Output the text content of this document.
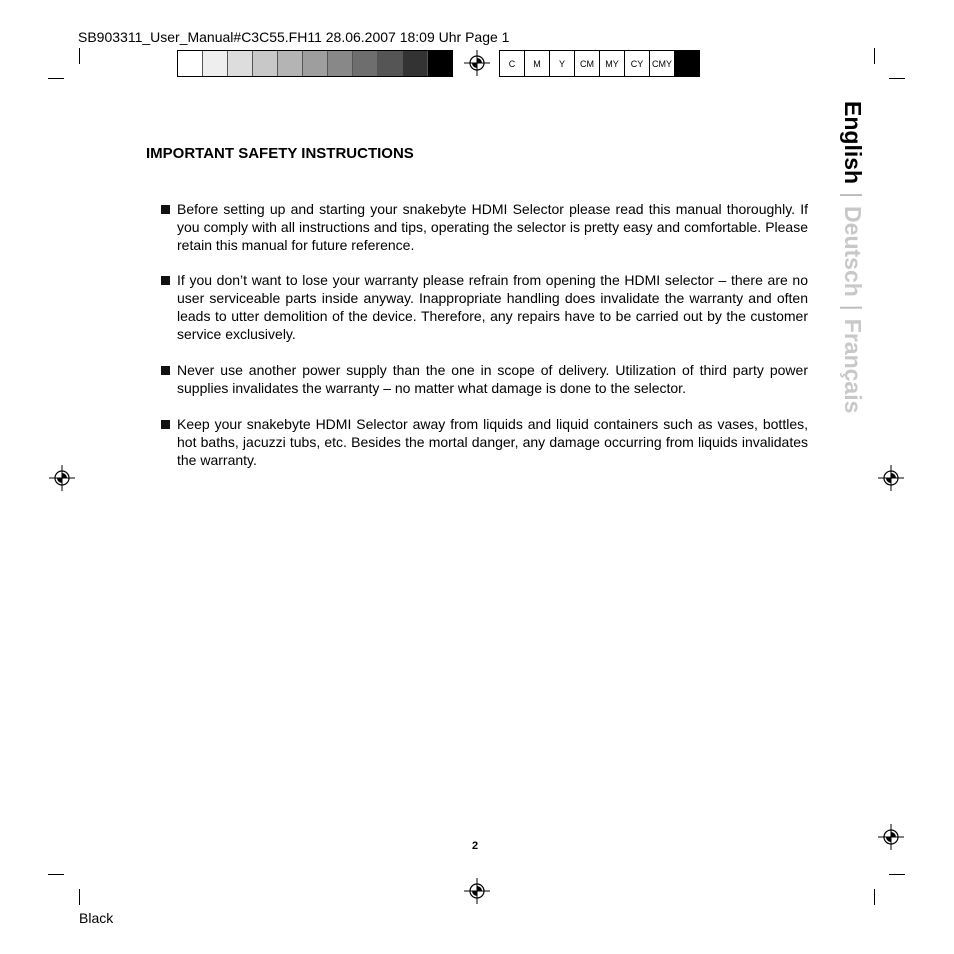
SB903311_User_Manual#C3C55.FH11 28.06.2007 18:09 Uhr Page 1
C	M	Y	CM	MY	CY CMY
IMPORTANT SAFETY INSTRUCTIONS
Before setting up and starting your snakebyte HDMI Selector please read this manual thoroughly. If you comply with all instructions and tips, operating the selector is pretty easy and comfortable. Please retain this manual for future reference.
If you don’t want to lose your warranty please refrain from opening the HDMI selector – there are no user serviceable parts inside anyway. Inappropriate handling does invalidate the warranty and often leads to utter demolition of the device. Therefore, any repairs have to be carried out by the customer service exclusively.
Never use another power supply than the one in scope of delivery. Utilization of third party power supplies invalidates the warranty – no matter what damage is done to the selector.
Keep your snakebyte HDMI Selector away from liquids and liquid containers such as vases, bottles, hot baths, jacuzzi tubs, etc. Besides the mortal danger, any damage occurring from liquids invalidates the warranty.
English|Deutsch|Français
2
Black
